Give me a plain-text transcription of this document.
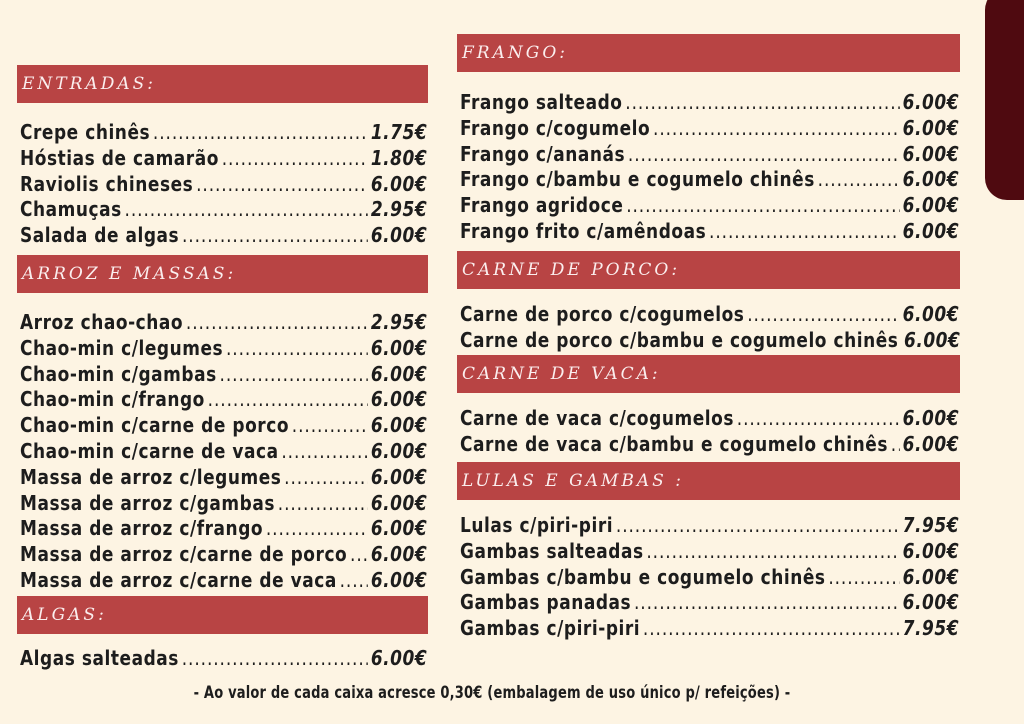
ENTRADAS:
Crepe chinês .....	1.75€
Hóstias de camarão .....	1.80€
Raviolis chineses .....	6.00€
Chamuças .....	2.95€
Salada de algas .....	6.00€
ARROZ E MASSAS:
Arroz chao-chao .....	2.95€
Chao-min c/legumes .....	6.00€
Chao-min c/gambas .....	6.00€
Chao-min c/frango .....	6.00€
Chao-min c/carne de porco .....	6.00€
Chao-min c/carne de vaca .....	6.00€
Massa de arroz c/legumes .....	6.00€
Massa de arroz c/gambas .....	6.00€
Massa de arroz c/frango .....	6.00€
Massa de arroz c/carne de porco ..... 6.00€
Massa de arroz c/carne de vaca ..... 6.00€
ALGAS:
Algas salteadas .....	6.00€
FRANGO:
Frango salteado .....	6.00€
Frango c/cogumelo .....	6.00€
Frango c/ananás .....	6.00€
Frango c/bambu e cogumelo chinês .....	6.00€
Frango agridoce .....	6.00€
Frango frito c/amêndoas .....	6.00€
CARNE DE PORCO:
Carne de porco c/cogumelos .....	6.00€
Carne de porco c/bambu e cogumelo chinês 6.00€
CARNE DE VACA:
Carne de vaca c/cogumelos .....	6.00€
Carne de vaca c/bambu e cogumelo chinês ..... 6.00€
LULAS E GAMBAS :
Lulas c/piri-piri .....	7.95€
Gambas salteadas .....	6.00€
Gambas c/bambu e cogumelo chinês .....	6.00€
Gambas panadas .....	6.00€
Gambas c/piri-piri .....	7.95€
- Ao valor de cada caixa acresce 0,30€ (embalagem de uso único p/ refeições) -
